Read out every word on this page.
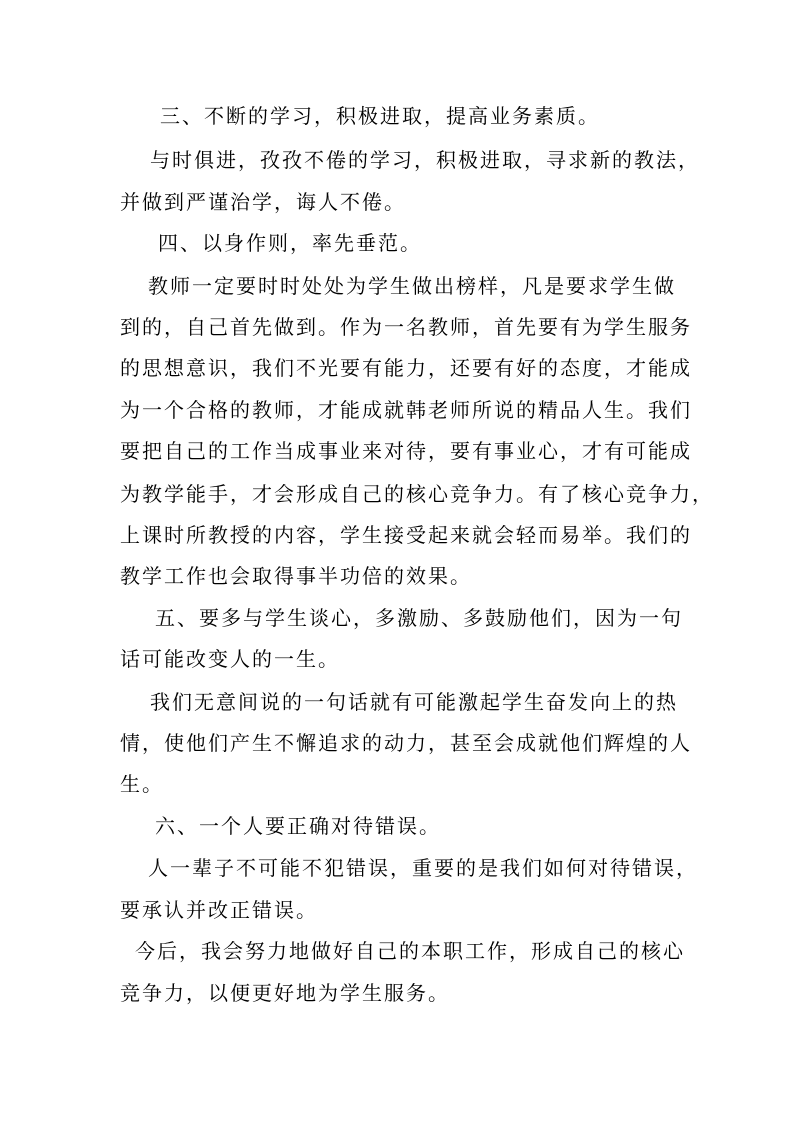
三、不断的学习，积极进取，提高业务素质。
与时俱进，孜孜不倦的学习，积极进取，寻求新的教法，
并做到严谨治学，诲人不倦。
四、以身作则，率先垂范。
教师一定要时时处处为学生做出榜样，凡是要求学生做
到的，自己首先做到。作为一名教师，首先要有为学生服务
的思想意识，我们不光要有能力，还要有好的态度，才能成
为一个合格的教师，才能成就韩老师所说的精品人生。我们
要把自己的工作当成事业来对待，要有事业心，才有可能成
为教学能手，才会形成自己的核心竞争力。有了核心竞争力，
上课时所教授的内容，学生接受起来就会轻而易举。我们的
教学工作也会取得事半功倍的效果。
五、要多与学生谈心，多激励、多鼓励他们，因为一句
话可能改变人的一生。
我们无意间说的一句话就有可能激起学生奋发向上的热
情，使他们产生不懈追求的动力，甚至会成就他们辉煌的人
生。
六、一个人要正确对待错误。
人一辈子不可能不犯错误，重要的是我们如何对待错误，
要承认并改正错误。
今后，我会努力地做好自己的本职工作，形成自己的核心
竞争力，以便更好地为学生服务。
